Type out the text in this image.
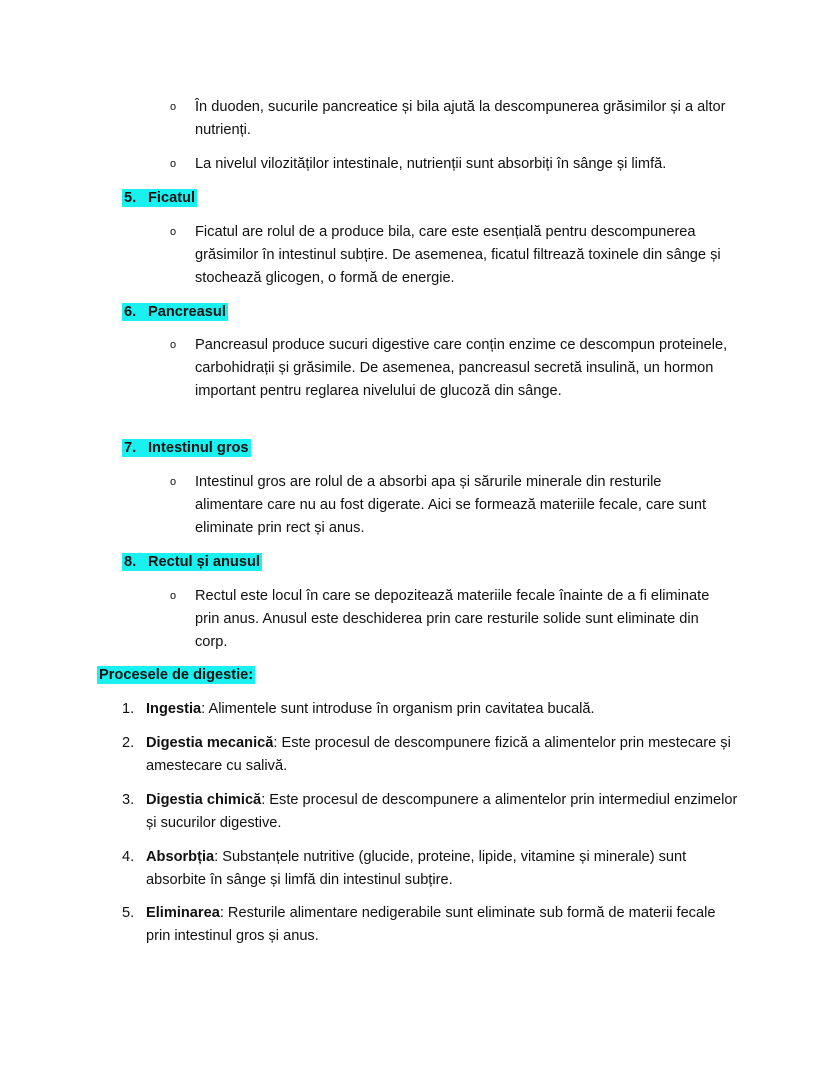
o În duoden, sucurile pancreatice și bila ajută la descompunerea grăsimilor și a altor nutrienți.
o La nivelul vilozităților intestinale, nutrienții sunt absorbiți în sânge și limfă.
5. Ficatul
o Ficatul are rolul de a produce bila, care este esențială pentru descompunerea grăsimilor în intestinul subțire. De asemenea, ficatul filtrează toxinele din sânge și stochează glicogen, o formă de energie.
6. Pancreasul
o Pancreasul produce sucuri digestive care conțin enzime ce descompun proteinele, carbohidrații și grăsimile. De asemenea, pancreasul secretă insulină, un hormon important pentru reglarea nivelului de glucoză din sânge.
7. Intestinul gros
o Intestinul gros are rolul de a absorbi apa și sărurile minerale din resturile alimentare care nu au fost digerate. Aici se formează materiile fecale, care sunt eliminate prin rect și anus.
8. Rectul și anusul
o Rectul este locul în care se depozitează materiile fecale înainte de a fi eliminate prin anus. Anusul este deschiderea prin care resturile solide sunt eliminate din corp.
Procesele de digestie:
1. Ingestia: Alimentele sunt introduse în organism prin cavitatea bucală.
2. Digestia mecanică: Este procesul de descompunere fizică a alimentelor prin mestecare și amestecare cu salivă.
3. Digestia chimică: Este procesul de descompunere a alimentelor prin intermediul enzimelor și sucurilor digestive.
4. Absorbția: Substanțele nutritive (glucide, proteine, lipide, vitamine și minerale) sunt absorbite în sânge și limfă din intestinul subțire.
5. Eliminarea: Resturile alimentare nedigerabile sunt eliminate sub formă de materii fecale prin intestinul gros și anus.
